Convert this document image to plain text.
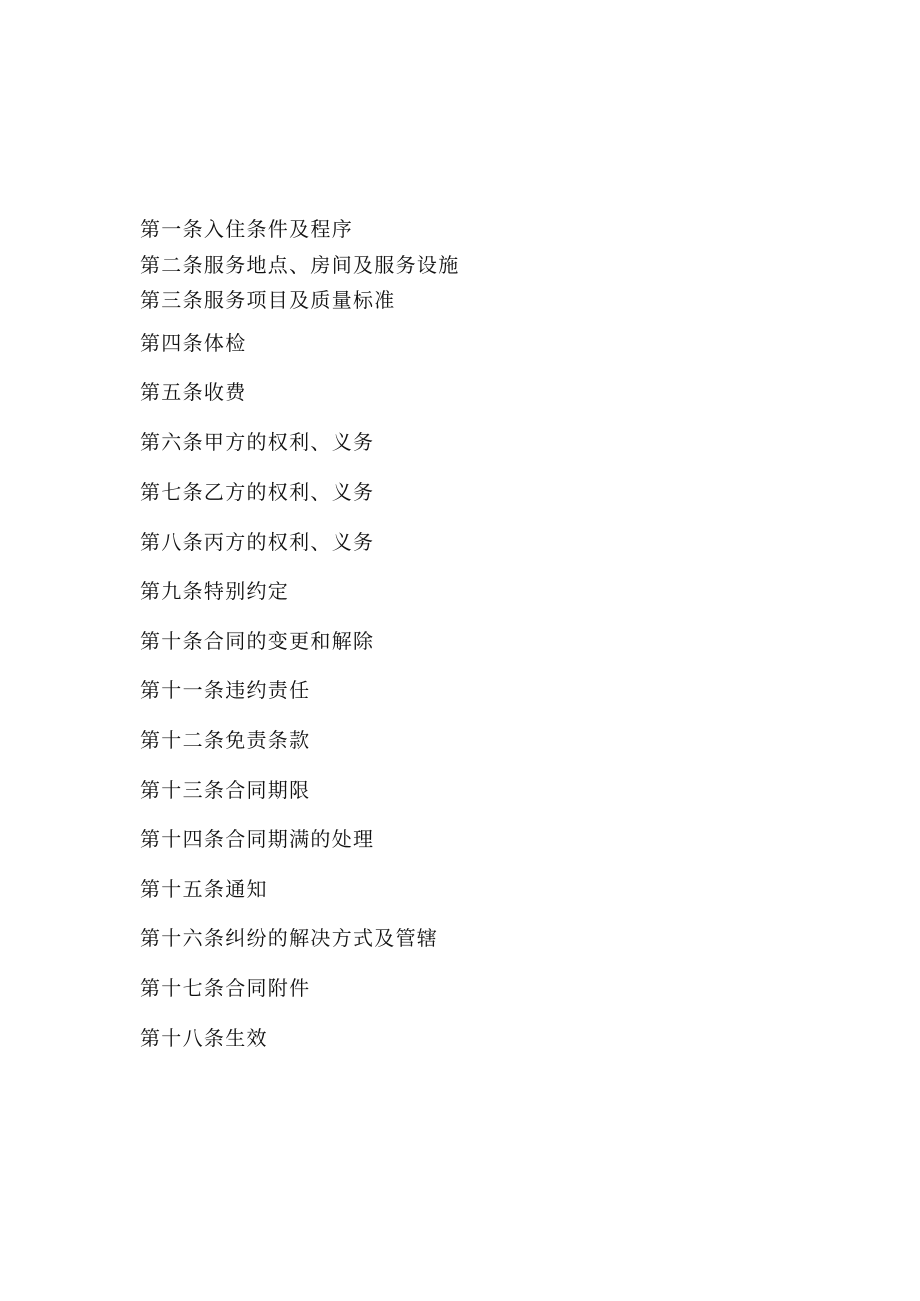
第一条入住条件及程序
第二条服务地点、房间及服务设施
第三条服务项目及质量标准
第四条体检
第五条收费
第六条甲方的权利、义务
第七条乙方的权利、义务
第八条丙方的权利、义务
第九条特别约定
第十条合同的变更和解除
第十一条违约责任
第十二条免责条款
第十三条合同期限
第十四条合同期满的处理
第十五条通知
第十六条纠纷的解决方式及管辖
第十七条合同附件
第十八条生效
